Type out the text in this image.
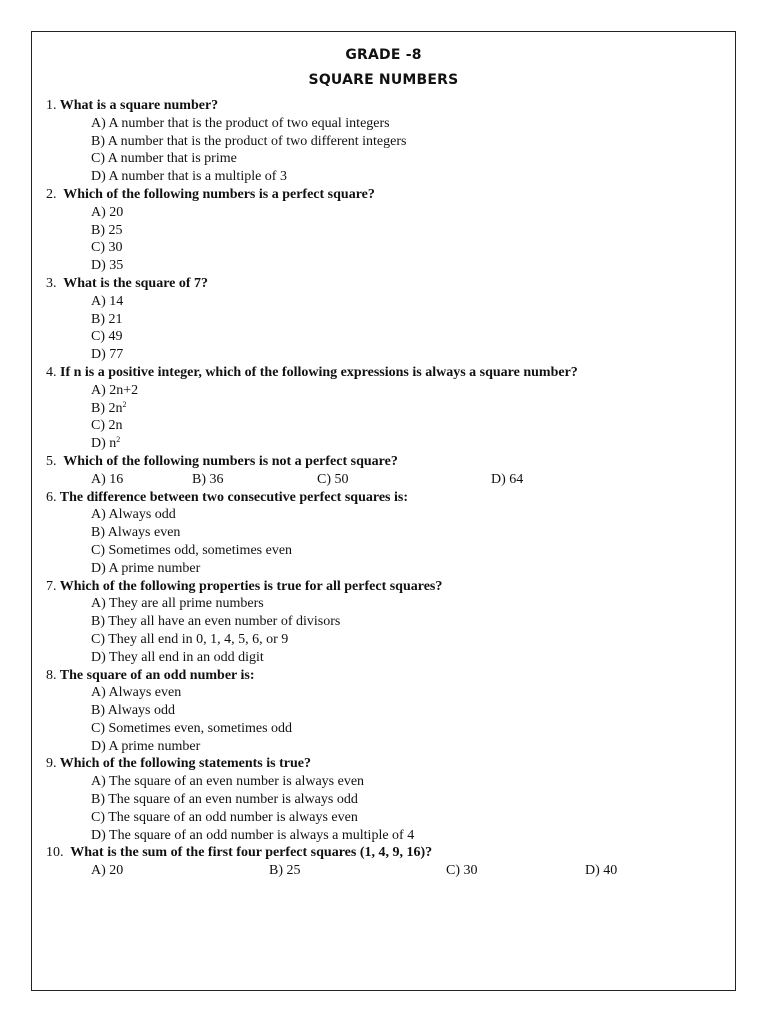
GRADE -8
SQUARE NUMBERS
1. What is a square number?
A) A number that is the product of two equal integers
B) A number that is the product of two different integers
C) A number that is prime
D) A number that is a multiple of 3
2. Which of the following numbers is a perfect square?
A) 20
B) 25
C) 30
D) 35
3. What is the square of 7?
A) 14
B) 21
C) 49
D) 77
4. If n is a positive integer, which of the following expressions is always a square number?
A) 2n+2
B) $2n^2$
C) 2n
D) $n^2$
5. Which of the following numbers is not a perfect square?
A) 16	B) 36	C) 50	D) 64
6. The difference between two consecutive perfect squares is:
A) Always odd
B) Always even
C) Sometimes odd, sometimes even
D) A prime number
7. Which of the following properties is true for all perfect squares?
A) They are all prime numbers
B) They all have an even number of divisors
C) They all end in 0, 1, 4, 5, 6, or 9
D) They all end in an odd digit
8. The square of an odd number is:
A) Always even
B) Always odd
C) Sometimes even, sometimes odd
D) A prime number
9. Which of the following statements is true?
A) The square of an even number is always even
B) The square of an even number is always odd
C) The square of an odd number is always even
D) The square of an odd number is always a multiple of 4
10. What is the sum of the first four perfect squares (1, 4, 9, 16)?
A) 20	B) 25	C) 30	D) 40
